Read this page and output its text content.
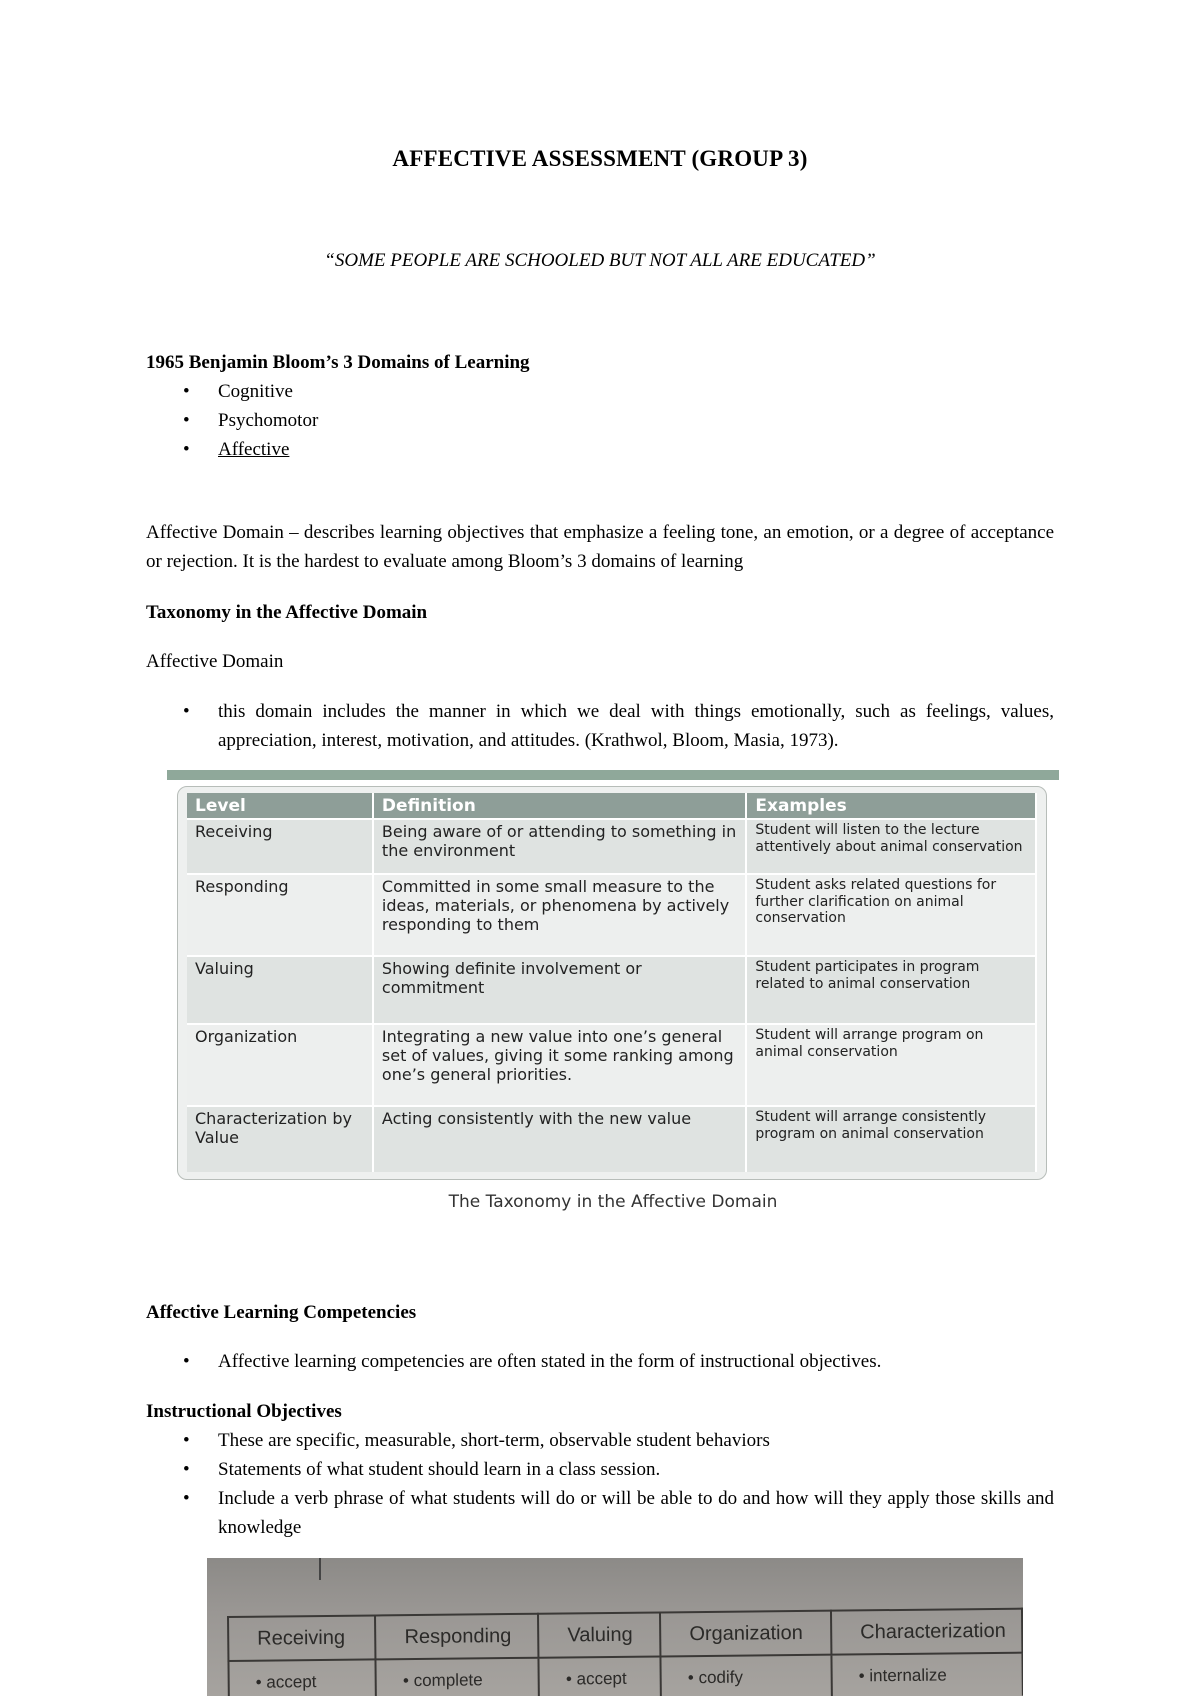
AFFECTIVE ASSESSMENT (GROUP 3)
“SOME PEOPLE ARE SCHOOLED BUT NOT ALL ARE EDUCATED”
1965 Benjamin Bloom’s 3 Domains of Learning
• Cognitive
• Psychomotor
• Affective
Affective Domain – describes learning objectives that emphasize a feeling tone, an emotion, or a degree of acceptance or rejection. It is the hardest to evaluate among Bloom’s 3 domains of learning
Taxonomy in the Affective Domain
Affective Domain
• this domain includes the manner in which we deal with things emotionally, such as feelings, values, appreciation, interest, motivation, and attitudes. (Krathwol, Bloom, Masia, 1973).
Level	Definition	Examples
Receiving	Being aware of or attending to something in the environment	Student will listen to the lecture attentively about animal conservation
Responding	Committed in some small measure to the ideas, materials, or phenomena by actively responding to them	Student asks related questions for further clarification on animal conservation
Valuing	Showing definite involvement or commitment	Student participates in program related to animal conservation
Organization	Integrating a new value into one’s general set of values, giving it some ranking among one’s general priorities.	Student will arrange program on animal conservation
Characterization by Value	Acting consistently with the new value	Student will arrange consistently program on animal conservation
The Taxonomy in the Affective Domain
Affective Learning Competencies
• Affective learning competencies are often stated in the form of instructional objectives.
Instructional Objectives
• These are specific, measurable, short-term, observable student behaviors
• Statements of what student should learn in a class session.
• Include a verb phrase of what students will do or will be able to do and how will they apply those skills and knowledge
Receiving	Responding	Valuing	Organization	Characterization
• accept	• complete	• accept	• codify	• internalize
